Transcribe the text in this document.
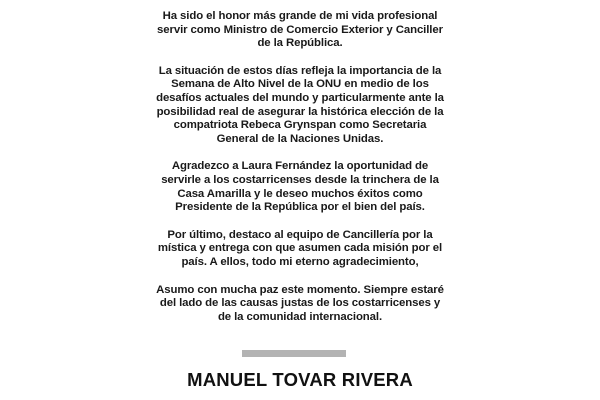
Ha sido el honor más grande de mi vida profesional
servir como Ministro de Comercio Exterior y Canciller
de la República.

La situación de estos días refleja la importancia de la
Semana de Alto Nivel de la ONU en medio de los
desafíos actuales del mundo y particularmente ante la
posibilidad real de asegurar la histórica elección de la
compatriota Rebeca Grynspan como Secretaria
General de la Naciones Unidas.

Agradezco a Laura Fernández la oportunidad de
servirle a los costarricenses desde la trinchera de la
Casa Amarilla y le deseo muchos éxitos como
Presidente de la República por el bien del país.

Por último, destaco al equipo de Cancillería por la
mística y entrega con que asumen cada misión por el
país. A ellos, todo mi eterno agradecimiento,

Asumo con mucha paz este momento. Siempre estaré
del lado de las causas justas de los costarricenses y
de la comunidad internacional.

MANUEL TOVAR RIVERA
